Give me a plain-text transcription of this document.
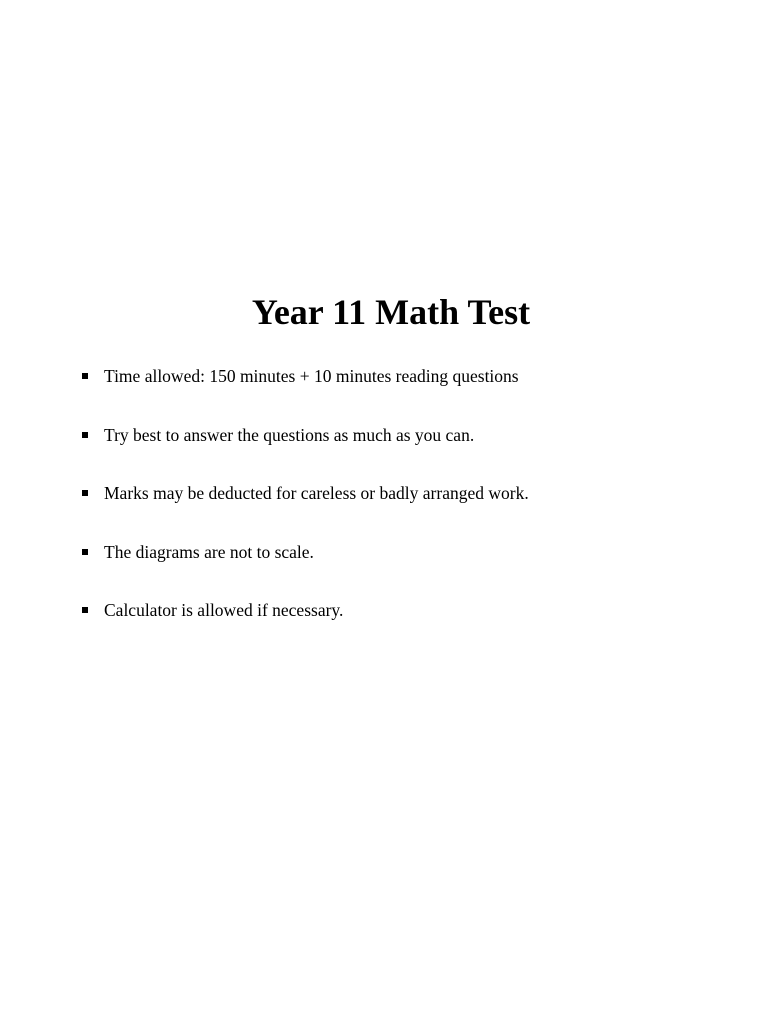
Year 11 Math Test
Time allowed: 150 minutes + 10 minutes reading questions
Try best to answer the questions as much as you can.
Marks may be deducted for careless or badly arranged work.
The diagrams are not to scale.
Calculator is allowed if necessary.
